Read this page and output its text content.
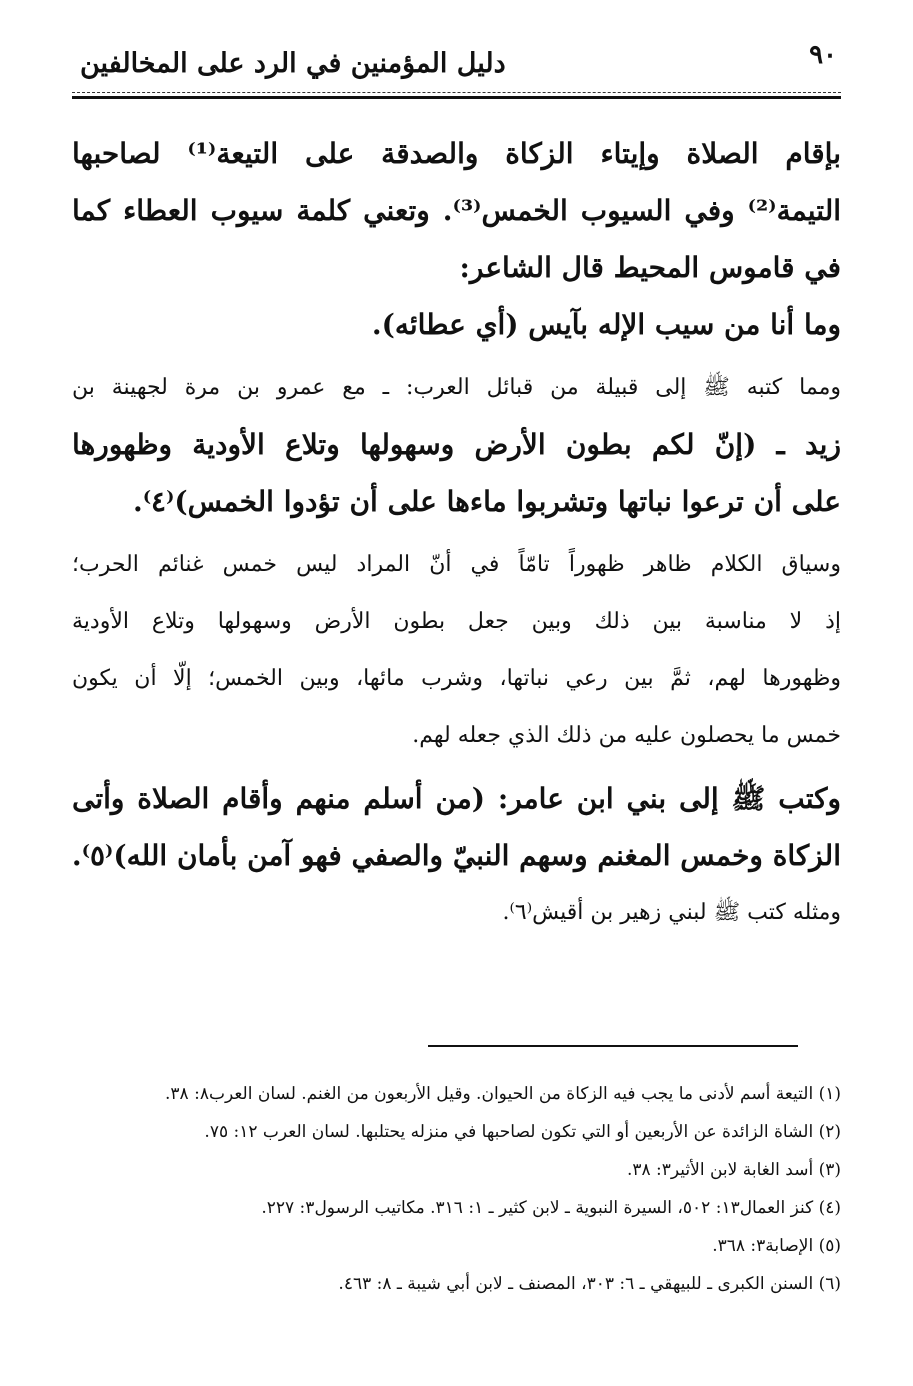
٩٠
دليل المؤمنين في الرد على المخالفين
بإقام الصلاة وإيتاء الزكاة والصدقة على التيعة⁽¹⁾ لصاحبها
التيمة⁽²⁾ وفي السيوب الخمس⁽³⁾. وتعني كلمة سيوب العطاء كما
في قاموس المحيط قال الشاعر:
وما أنا من سيب الإله بآيس (أي عطائه).
ومما كتبه ﷺ إلى قبيلة من قبائل العرب: ـ مع عمرو بن مرة لجهينة بن
زيد ـ (إنّ لكم بطون الأرض وسهولها وتلاع الأودية وظهورها
على أن ترعوا نباتها وتشربوا ماءها على أن تؤدوا الخمس)⁽٤⁾.
وسياق الكلام ظاهر ظهوراً تامّاً في أنّ المراد ليس خمس غنائم الحرب؛
إذ لا مناسبة بين ذلك وبين جعل بطون الأرض وسهولها وتلاع الأودية
وظهورها لهم، ثمَّ بين رعي نباتها، وشرب مائها، وبين الخمس؛ إلّا أن يكون
خمس ما يحصلون عليه من ذلك الذي جعله لهم.
وكتب ﷺ إلى بني ابن عامر: (من أسلم منهم وأقام الصلاة وأتى
الزكاة وخمس المغنم وسهم النبيّ والصفي فهو آمن بأمان الله)⁽٥⁾.
ومثله كتب ﷺ لبني زهير بن أقيش⁽٦⁾.
(١) التيعة أسم لأدنى ما يجب فيه الزكاة من الحيوان. وقيل الأربعون من الغنم. لسان العرب٨: ٣٨.
(٢) الشاة الزائدة عن الأربعين أو التي تكون لصاحبها في منزله يحتلبها. لسان العرب ١٢: ٧٥.
(٣) أسد الغابة لابن الأثير٣: ٣٨.
(٤) كنز العمال١٣: ٥٠٢، السيرة النبوية ـ لابن كثير ـ ١: ٣١٦. مكاتيب الرسول٣: ٢٢٧.
(٥) الإصابة٣: ٣٦٨.
(٦) السنن الكبرى ـ للبيهقي ـ ٦: ٣٠٣، المصنف ـ لابن أبي شيبة ـ ٨: ٤٦٣.
